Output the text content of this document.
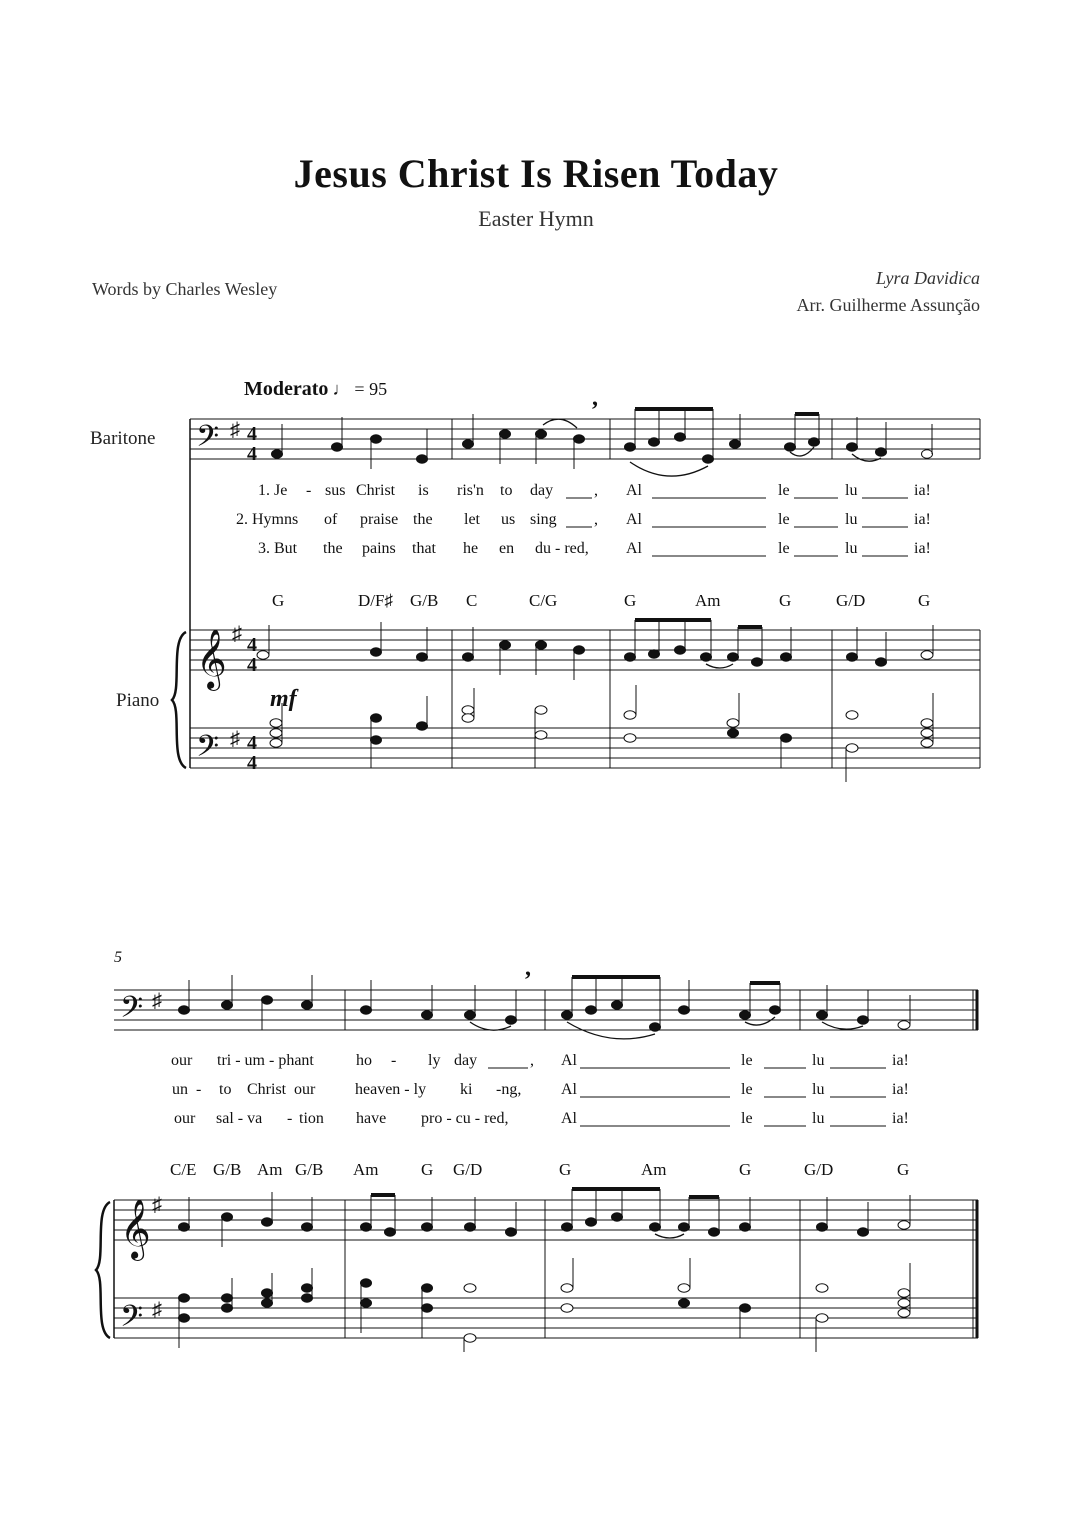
Jesus Christ Is Risen Today
Easter Hymn
Words by Charles Wesley
Lyra Davidica
Arr. Guilherme Assunção
Moderato ♩ = 95
Baritone
Piano
5
𝄢
𝄞
𝄢
♯
♯
♯
4
4
4
4
4
4
𝄢
𝄞
𝄢
♯
♯
♯
mf
,
,
1. Je - sus Christ is ris'n to day	, Al	le	lu	ia!
2. Hymns of praise the let us sing , Al	le	lu	ia!
3. But the pains that he en du - red, Al	le	lu	ia!
G	D/F♯ G/B C	C/G	G	Am	G	G/D	G
our tri - um - phant	ho - ly day	, Al	le	lu	ia!
un - to Christ our heaven - ly ki -ng, Al	le	lu	ia!
our sal - va - tion have pro - cu - red,	Al	le	lu	ia!
C/E G/B Am G/B Am	G G/D	G	Am	G	G/D	G
